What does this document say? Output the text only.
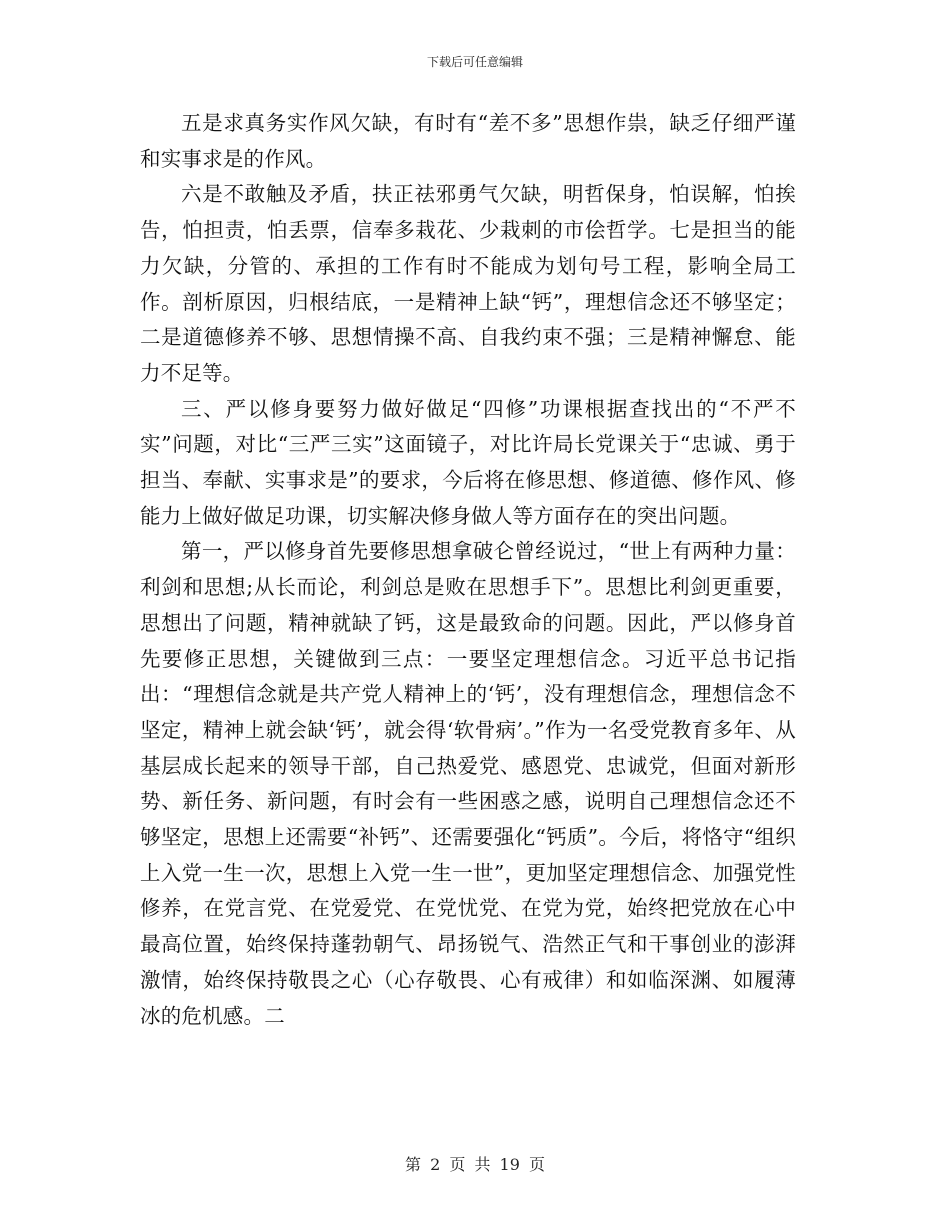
下载后可任意编辑

五是求真务实作风欠缺，有时有“差不多”思想作祟，缺乏仔细严谨和实事求是的作风。

六是不敢触及矛盾，扶正祛邪勇气欠缺，明哲保身，怕误解，怕挨告，怕担责，怕丢票，信奉多栽花、少栽刺的市侩哲学。七是担当的能力欠缺，分管的、承担的工作有时不能成为划句号工程，影响全局工作。剖析原因，归根结底，一是精神上缺“钙”，理想信念还不够坚定；二是道德修养不够、思想情操不高、自我约束不强；三是精神懈怠、能力不足等。

三、严以修身要努力做好做足“四修”功课根据查找出的“不严不实”问题，对比“三严三实”这面镜子，对比许局长党课关于“忠诚、勇于担当、奉献、实事求是”的要求，今后将在修思想、修道德、修作风、修能力上做好做足功课，切实解决修身做人等方面存在的突出问题。

第一，严以修身首先要修思想拿破仑曾经说过，“世上有两种力量：利剑和思想;从长而论，利剑总是败在思想手下”。思想比利剑更重要，思想出了问题，精神就缺了钙，这是最致命的问题。因此，严以修身首先要修正思想，关键做到三点：一要坚定理想信念。习近平总书记指出：“理想信念就是共产党人精神上的‘钙’，没有理想信念，理想信念不坚定，精神上就会缺‘钙’，就会得‘软骨病’。”作为一名受党教育多年、从基层成长起来的领导干部，自己热爱党、感恩党、忠诚党，但面对新形势、新任务、新问题，有时会有一些困惑之感，说明自己理想信念还不够坚定，思想上还需要“补钙”、还需要强化“钙质”。今后，将恪守“组织上入党一生一次，思想上入党一生一世”，更加坚定理想信念、加强党性修养，在党言党、在党爱党、在党忧党、在党为党，始终把党放在心中最高位置，始终保持蓬勃朝气、昂扬锐气、浩然正气和干事创业的澎湃激情，始终保持敬畏之心（心存敬畏、心有戒律）和如临深渊、如履薄冰的危机感。二

第 2 页 共 19 页
